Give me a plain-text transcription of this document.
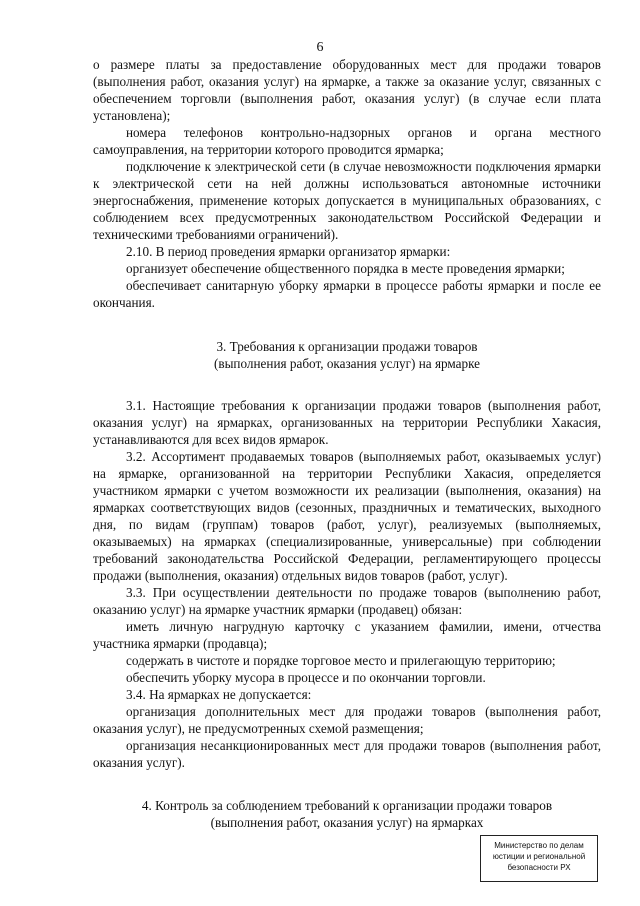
6

о размере платы за предоставление оборудованных мест для продажи товаров (выполнения работ, оказания услуг) на ярмарке, а также за оказание услуг, связанных с обеспечением торговли (выполнения работ, оказания услуг) (в случае если плата установлена);

номера телефонов контрольно-надзорных органов и органа местного самоуправления, на территории которого проводится ярмарка;

подключение к электрической сети (в случае невозможности подключения ярмарки к электрической сети на ней должны использоваться автономные источники энергоснабжения, применение которых допускается в муниципальных образованиях, с соблюдением всех предусмотренных законодательством Российской Федерации и техническими требованиями ограничений).

2.10. В период проведения ярмарки организатор ярмарки:

организует обеспечение общественного порядка в месте проведения ярмарки;

обеспечивает санитарную уборку ярмарки в процессе работы ярмарки и после ее окончания.

3. Требования к организации продажи товаров
(выполнения работ, оказания услуг) на ярмарке

3.1. Настоящие требования к организации продажи товаров (выполнения работ, оказания услуг) на ярмарках, организованных на территории Республики Хакасия, устанавливаются для всех видов ярмарок.

3.2. Ассортимент продаваемых товаров (выполняемых работ, оказываемых услуг) на ярмарке, организованной на территории Республики Хакасия, определяется участником ярмарки с учетом возможности их реализации (выполнения, оказания) на ярмарках соответствующих видов (сезонных, праздничных и тематических, выходного дня, по видам (группам) товаров (работ, услуг), реализуемых (выполняемых, оказываемых) на ярмарках (специализированные, универсальные) при соблюдении требований законодательства Российской Федерации, регламентирующего процессы продажи (выполнения, оказания) отдельных видов товаров (работ, услуг).

3.3. При осуществлении деятельности по продаже товаров (выполнению работ, оказанию услуг) на ярмарке участник ярмарки (продавец) обязан:

иметь личную нагрудную карточку с указанием фамилии, имени, отчества участника ярмарки (продавца);

содержать в чистоте и порядке торговое место и прилегающую территорию;

обеспечить уборку мусора в процессе и по окончании торговли.

3.4. На ярмарках не допускается:

организация дополнительных мест для продажи товаров (выполнения работ, оказания услуг), не предусмотренных схемой размещения;

организация несанкционированных мест для продажи товаров (выполнения работ, оказания услуг).

4. Контроль за соблюдением требований к организации продажи товаров
(выполнения работ, оказания услуг) на ярмарках
Министерство по делам
юстиции и региональной
безопасности РХ
